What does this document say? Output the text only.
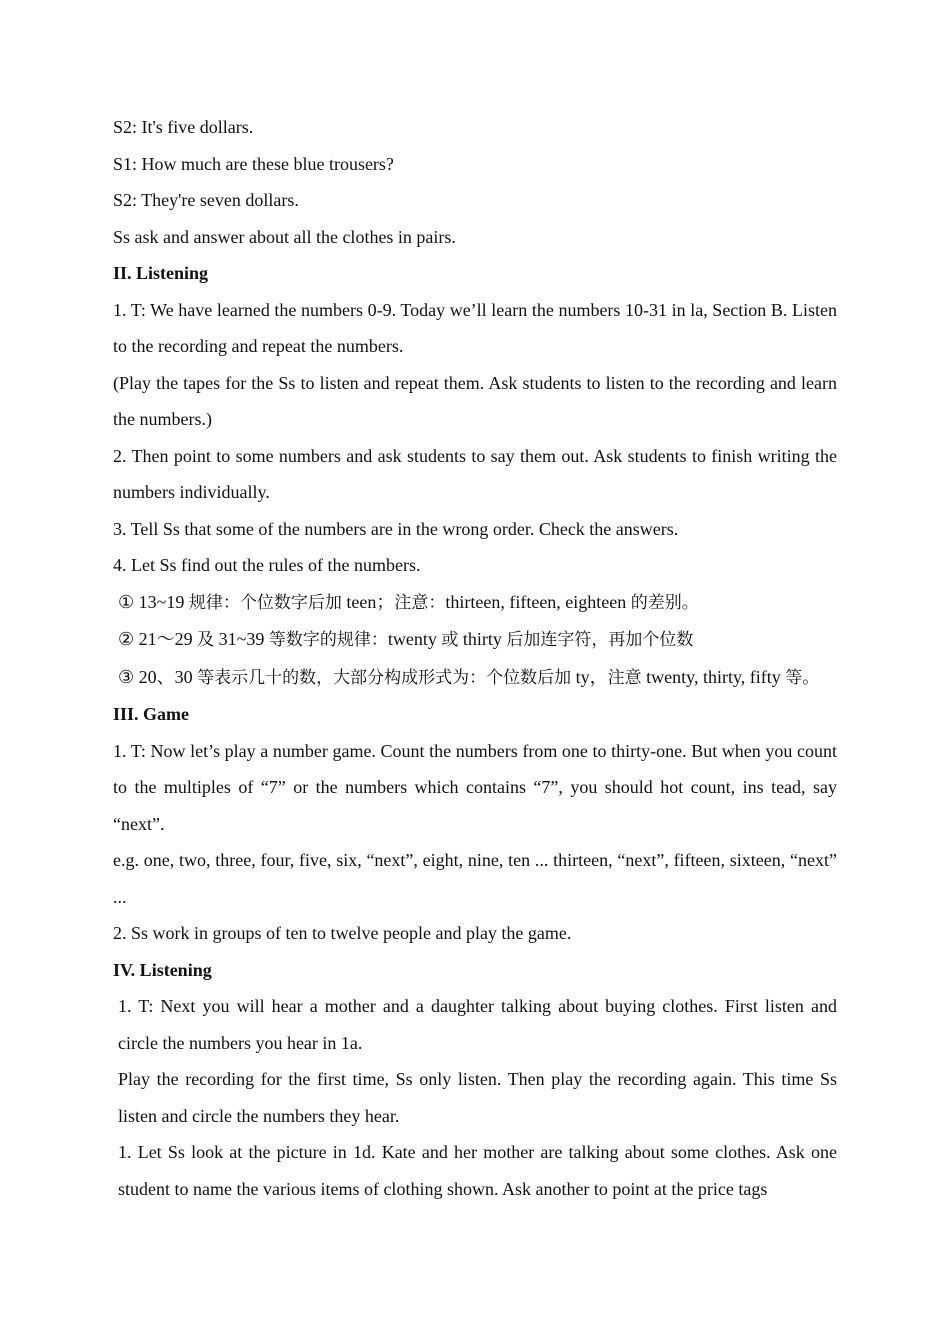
S2: It's five dollars.

S1: How much are these blue trousers?

S2: They're seven dollars.

Ss ask and answer about all the clothes in pairs.

II. Listening

1. T: We have learned the numbers 0-9. Today we’ll learn the numbers 10-31 in la, Section B. Listen to the recording and repeat the numbers.

(Play the tapes for the Ss to listen and repeat them. Ask students to listen to the recording and learn the numbers.)

2. Then point to some numbers and ask students to say them out. Ask students to finish writing the numbers individually.

3. Tell Ss that some of the numbers are in the wrong order. Check the answers.

4. Let Ss find out the rules of the numbers.

① 13~19 规律：个位数字后加 teen；注意：thirteen, fifteen, eighteen 的差别。

② 21～29 及 31~39 等数字的规律：twenty 或 thirty 后加连字符，再加个位数

③ 20、30 等表示几十的数，大部分构成形式为：个位数后加 ty，注意 twenty, thirty, fifty 等。

III. Game

1. T: Now let’s play a number game. Count the numbers from one to thirty-one. But when you count to the multiples of “7” or the numbers which contains “7”, you should hot count, ins tead, say “next”.

e.g. one, two, three, four, five, six, “next”, eight, nine, ten ... thirteen, “next”, fifteen, sixteen, “next” ...

2. Ss work in groups of ten to twelve people and play the game.

IV. Listening

1. T: Next you will hear a mother and a daughter talking about buying clothes. First listen and circle the numbers you hear in 1a.

Play the recording for the first time, Ss only listen. Then play the recording again. This time Ss listen and circle the numbers they hear.

1. Let Ss look at the picture in 1d. Kate and her mother are talking about some clothes. Ask one student to name the various items of clothing shown. Ask another to point at the price tags
